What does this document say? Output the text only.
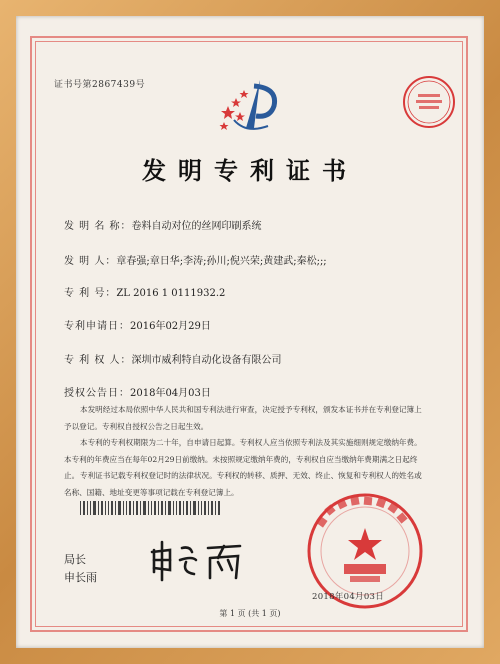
证书号第2867439号
发明专利证书
发 明 名 称：卷料自动对位的丝网印刷系统
发 明 人：章春强;章日华;李涛;孙川;倪兴荣;黄建武;秦松;;;
专 利 号：ZL 2016 1 0111932.2
专利申请日：2016年02月29日
专 利 权 人：深圳市威利特自动化设备有限公司
授权公告日：2018年04月03日

本发明经过本局依照中华人民共和国专利法进行审查，决定授予专利权，颁发本证书并在专利登记簿上予以登记。专利权自授权公告之日起生效。

本专利的专利权期限为二十年，自申请日起算。专利权人应当依照专利法及其实施细则规定缴纳年费。本专利的年费应当在每年02月29日前缴纳。未按照规定缴纳年费的，专利权自应当缴纳年费期满之日起终止。 专利证书记载专利权登记时的法律状况。专利权的转移、质押、无效、终止、恢复和专利权人的姓名或名称、国籍、地址变更等事项记载在专利登记簿上。

局长
申长雨
2018年04月03日
第 1 页 (共 1 页)
